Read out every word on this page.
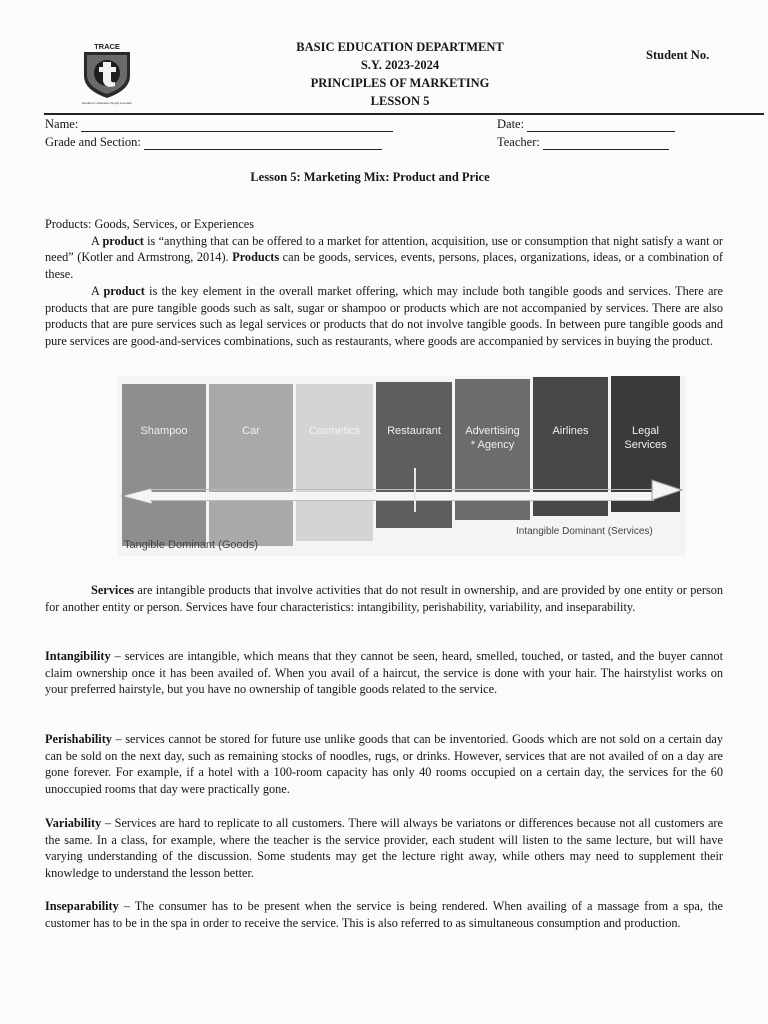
TRACE
Excellence in Education through Innovation
BASIC EDUCATION DEPARTMENT
S.Y. 2023-2024
PRINCIPLES OF MARKETING
LESSON 5
Student No.
Name:	Date:
Grade and Section:	Teacher:
Lesson 5: Marketing Mix: Product and Price

Products: Goods, Services, or Experiences

A product is “anything that can be offered to a market for attention, acquisition, use or consumption that night satisfy a want or need” (Kotler and Armstrong, 2014). Products can be goods, services, events, persons, places, organizations, ideas, or a combination of these.

A product is the key element in the overall market offering, which may include both tangible goods and services. There are products that are pure tangible goods such as salt, sugar or shampoo or products which are not accompanied by services. There are also products that are pure services such as legal services or products that do not involve tangible goods. In between pure tangible goods and pure services are good-and-services combinations, such as restaurants, where goods are accompanied by services in buying the product.

Shampoo	Car	Cosmetics Restaurant Advertising
* Agency
Airlines	Legal
Services
Tangible Dominant (Goods)
Intangible Dominant (Services)

Services are intangible products that involve activities that do not result in ownership, and are provided by one entity or person for another entity or person. Services have four characteristics: intangibility, perishability, variability, and inseparability.

Intangibility – services are intangible, which means that they cannot be seen, heard, smelled, touched, or tasted, and the buyer cannot claim ownership once it has been availed of. When you avail of a haircut, the service is done with your hair. The hairstylist works on your preferred hairstyle, but you have no ownership of tangible goods related to the service.

Perishability – services cannot be stored for future use unlike goods that can be inventoried. Goods which are not sold on a certain day can be sold on the next day, such as remaining stocks of noodles, rugs, or drinks. However, services that are not availed of on a day are gone forever. For example, if a hotel with a 100-room capacity has only 40 rooms occupied on a certain day, the services for the 60 unoccupied rooms that day were practically gone.

Variability – Services are hard to replicate to all customers. There will always be variatons or differences because not all customers are the same. In a class, for example, where the teacher is the service provider, each student will listen to the same lecture, but will have varying understanding of the discussion. Some students may get the lecture right away, while others may need to supplement their knowledge to understand the lesson better.

Inseparability – The consumer has to be present when the service is being rendered. When availing of a massage from a spa, the customer has to be in the spa in order to receive the service. This is also referred to as simultaneous consumption and production.
